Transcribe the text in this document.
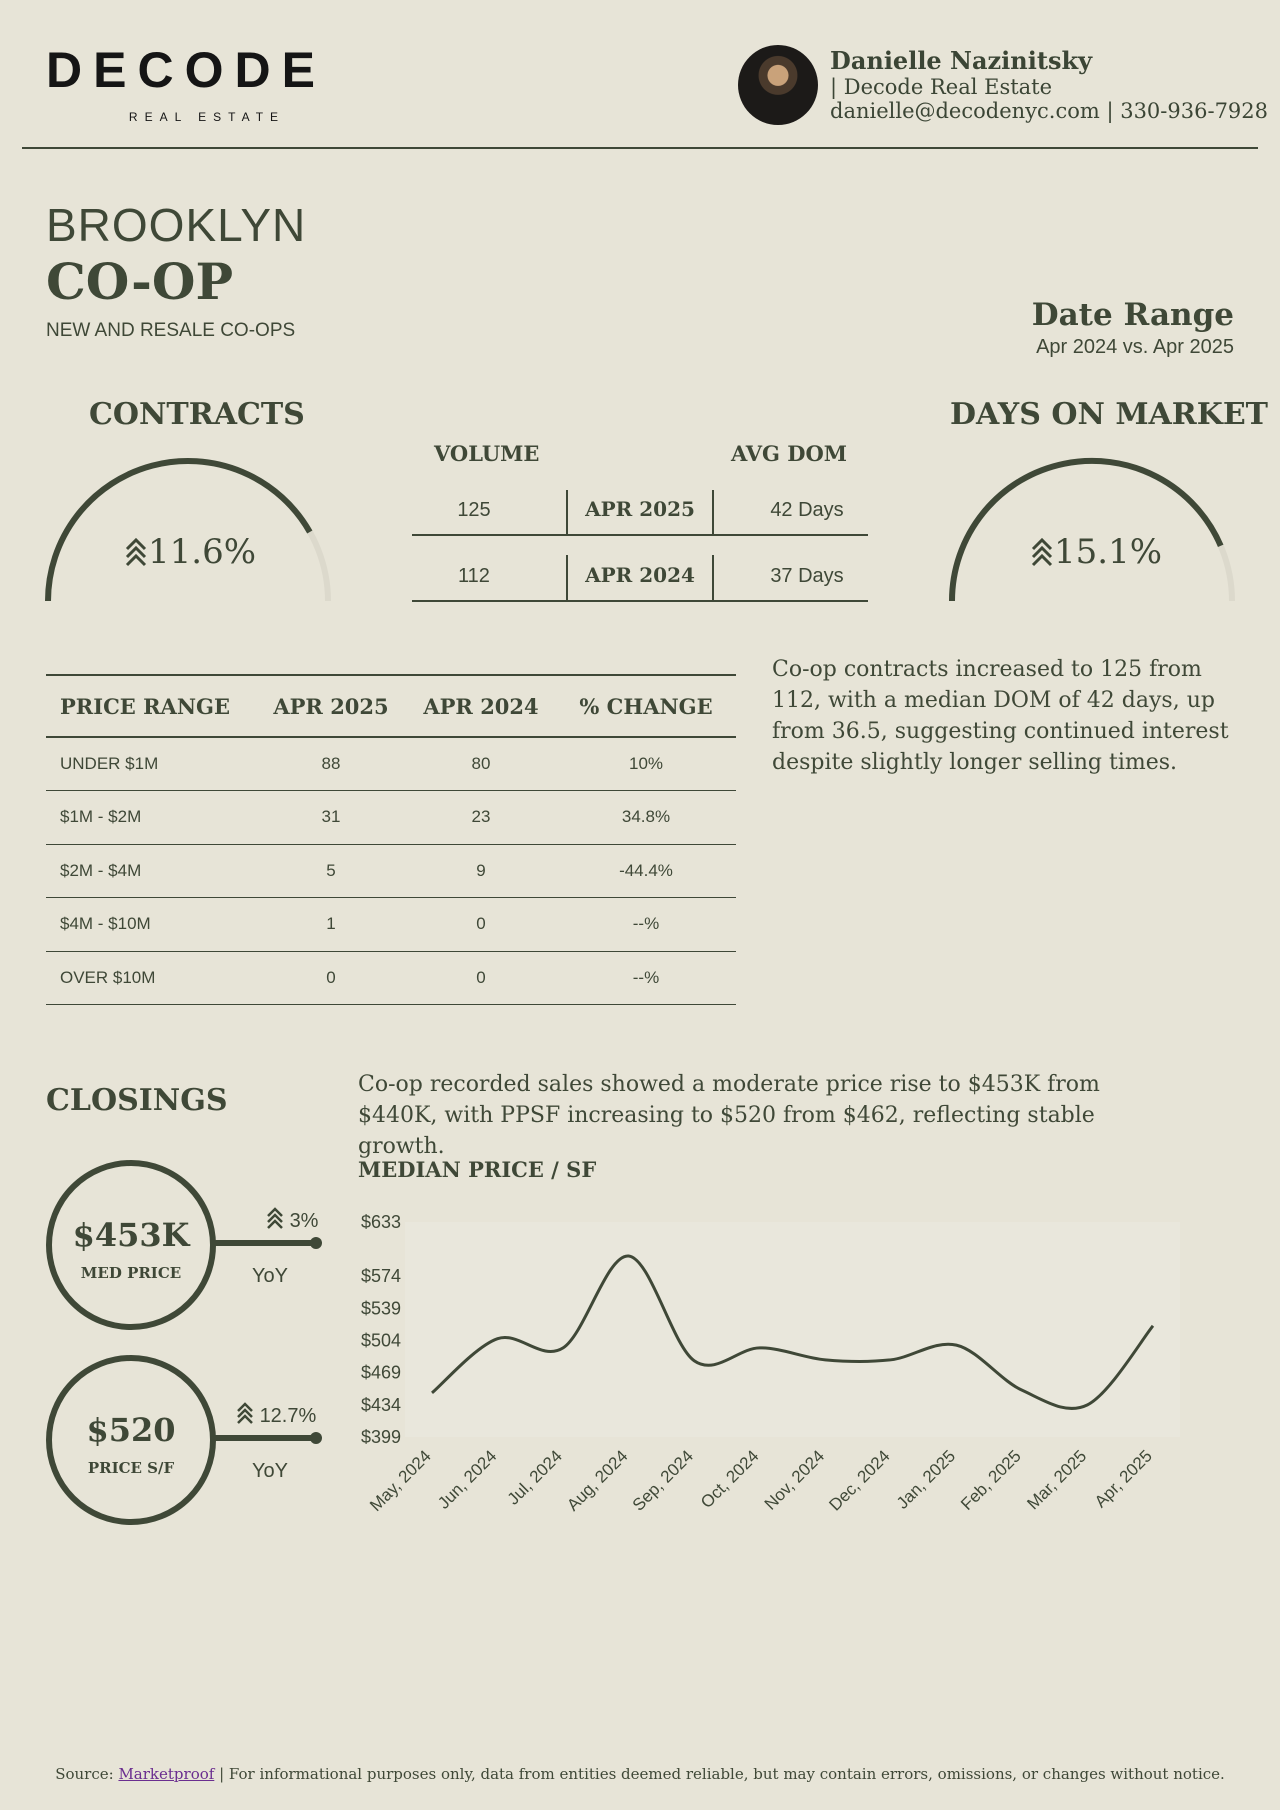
DECODE
REAL ESTATE
Danielle Nazinitsky
| Decode Real Estate
danielle@decodenyc.com | 330-936-7928
BROOKLYN
CO-OP
NEW AND RESALE CO-OPS	Date Range
Apr 2024 vs. Apr 2025
CONTRACTS
11.6%
VOLUME	AVG DOM
125	APR 2025	42 Days
112	APR 2024	37 Days
DAYS ON MARKET
15.1%
PRICE RANGE	APR 2025	APR 2024	% CHANGE
UNDER $1M	88	80	10%
$1M - $2M	31	23	34.8%
$2M - $4M	5	9	-44.4%
$4M - $10M	1	0	--%
OVER $10M	0	0	--%
Co-op contracts increased to 125 from 112, with a median DOM of 42 days, up from 36.5, suggesting continued interest despite slightly longer selling times.
CLOSINGS	Co-op recorded sales showed a moderate price rise to $453K from $440K, with PPSF increasing to $520 from $462, reflecting stable growth.
$453K
MED PRICE
3%
YoY
$520
PRICE S/F
12.7%
YoY
MEDIAN PRICE / SF
$633
$574
$539
$504
$469
$434
$399
May, 2024 Jun, 2024 Jul, 2024
Aug, 2024
Sep, 2024 Oct, 2024
Nov, 2024
Dec, 2024 Jan, 2025
Feb, 2025
Mar, 2025 Apr, 2025
Source: Marketproof | For informational purposes only, data from entities deemed reliable, but may contain errors, omissions, or changes without notice.
